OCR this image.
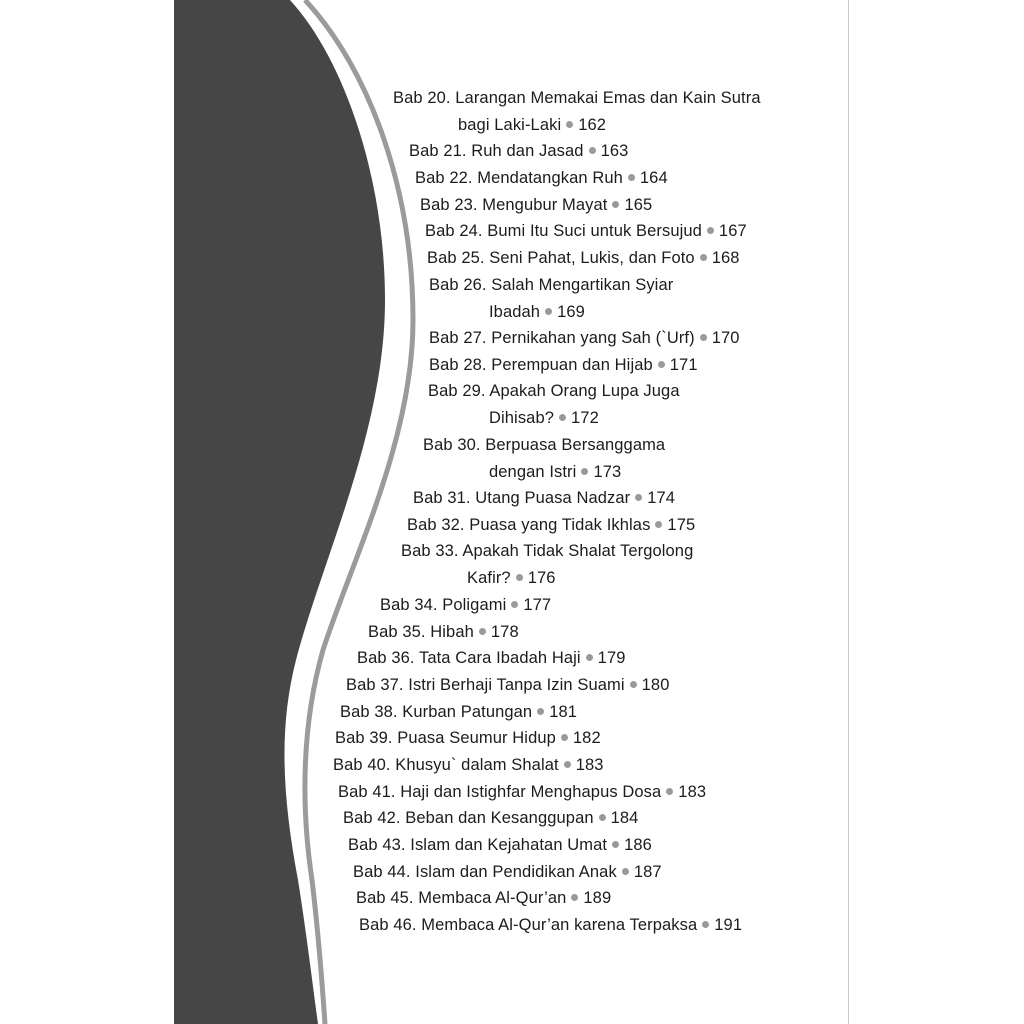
Bab 20. Larangan Memakai Emas dan Kain Sutra
bagi Laki-Laki 162
Bab 21. Ruh dan Jasad 163
Bab 22. Mendatangkan Ruh 164
Bab 23. Mengubur Mayat 165
Bab 24. Bumi Itu Suci untuk Bersujud 167
Bab 25. Seni Pahat, Lukis, dan Foto 168
Bab 26. Salah Mengartikan Syiar
Ibadah 169
Bab 27. Pernikahan yang Sah (`Urf) 170
Bab 28. Perempuan dan Hijab 171
Bab 29. Apakah Orang Lupa Juga
Dihisab? 172
Bab 30. Berpuasa Bersanggama
dengan Istri 173
Bab 31. Utang Puasa Nadzar 174
Bab 32. Puasa yang Tidak Ikhlas 175
Bab 33. Apakah Tidak Shalat Tergolong
Kafir? 176
Bab 34. Poligami 177
Bab 35. Hibah 178
Bab 36. Tata Cara Ibadah Haji 179
Bab 37. Istri Berhaji Tanpa Izin Suami 180
Bab 38. Kurban Patungan 181
Bab 39. Puasa Seumur Hidup 182
Bab 40. Khusyu` dalam Shalat 183
Bab 41. Haji dan Istighfar Menghapus Dosa 183
Bab 42. Beban dan Kesanggupan 184
Bab 43. Islam dan Kejahatan Umat 186
Bab 44. Islam dan Pendidikan Anak 187
Bab 45. Membaca Al-Qur’an 189
Bab 46. Membaca Al-Qur’an karena Terpaksa 191
